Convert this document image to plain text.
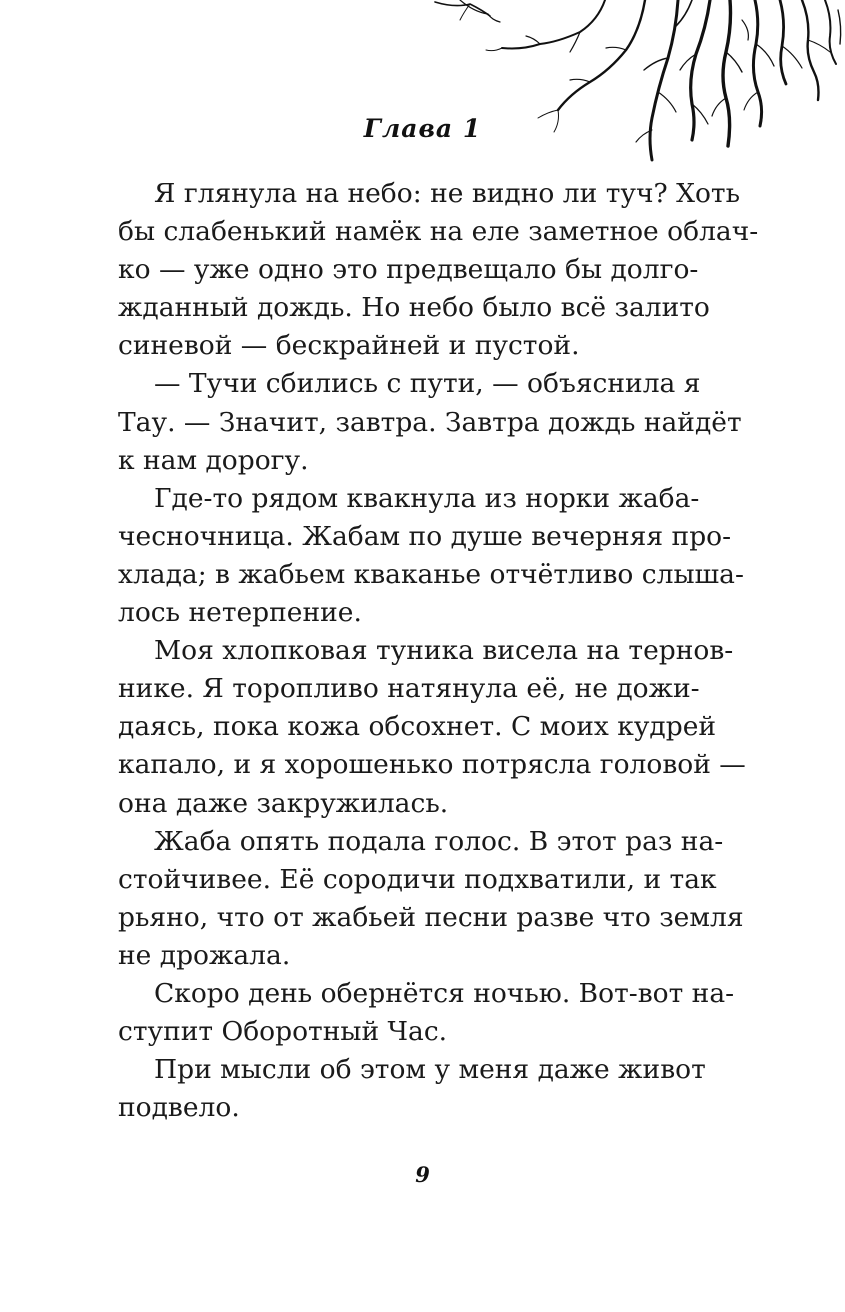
Глава 1
Я глянула на небо: не видно ли туч? Хоть
бы слабенький намёк на еле заметное облач-
ко — уже одно это предвещало бы долго-
жданный дождь. Но небо было всё залито
синевой — бескрайней и пустой.
— Тучи сбились с пути, — объяснила я
Тау. — Значит, завтра. Завтра дождь найдёт
к нам дорогу.
Где-то рядом квакнула из норки жаба-
чесночница. Жабам по душе вечерняя про-
хлада; в жабьем кваканье отчётливо слыша-
лось нетерпение.
Моя хлопковая туника висела на тернов-
нике. Я торопливо натянула её, не дожи-
даясь, пока кожа обсохнет. С моих кудрей
капало, и я хорошенько потрясла головой —
она даже закружилась.
Жаба опять подала голос. В этот раз на-
стойчивее. Её сородичи подхватили, и так
рьяно, что от жабьей песни разве что земля
не дрожала.
Скоро день обернётся ночью. Вот-вот на-
ступит Оборотный Час.
При мысли об этом у меня даже живот
подвело.
9
